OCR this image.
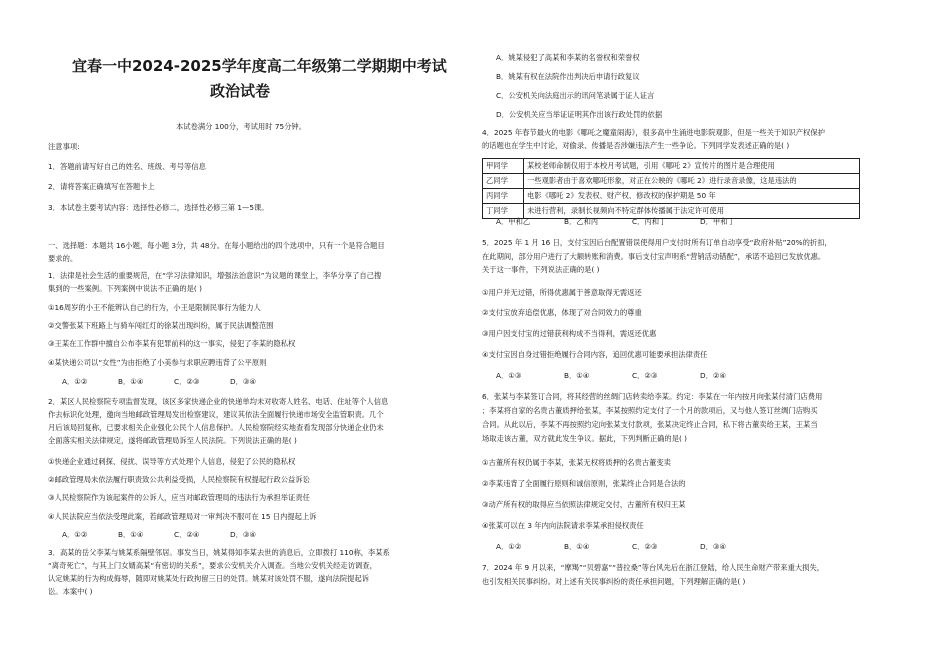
宜春一中2024-2025学年度高二年级第二学期期中考试
政治试卷
本试卷满分 100分，考试用时 75分钟。
注意事项:
1．答题前请写好自己的姓名、班级、考号等信息
2．请将答案正确填写在答题卡上
3．本试卷主要考试内容：选择性必修二，选择性必修三第 1—5课。
一、选择题：本题共 16小题，每小题 3分，共 48分。在每小题给出的四个选项中，只有一个是符合题目
要求的。
1．法律是社会生活的重要规范，在“学习法律知识，增强法治意识”为议题的课堂上，李华分享了自己搜
集到的一些案例。下列案例中说法不正确的是( )
①16周岁的小王不能辨认自己的行为，小王是限制民事行为能力人
②交警张某下班路上与骑车闯红灯的徐某出现纠纷，属于民法调整范围
③王某在工作群中擅自公布李某有犯罪前科的这一事实，侵犯了李某的隐私权
④某快递公司以“女性”为由拒绝了小美参与求职应聘违背了公平原则
A．①②	B．①④	C．②③	D．③④
2．某区人民检察院专项监督发现，该区多家快递企业的快递单均未对收寄人姓名、电话、住址等个人信息
作去标识化处理，邀向当地邮政管理局发出检察建议，建议其依法全面履行快递市场安全监管职责。几个
月后该局回复称，已要求相关企业强化公民个人信息保护。人民检察院经实地查看发现部分快递企业仍未
全面落实相关法律规定，遂将邮政管理局诉至人民法院。下列说法正确的是( )
①快递企业通过刺探、侵扰、误导等方式处理个人信息，侵犯了公民的隐私权
②邮政管理局未依法履行职责致公共利益受损，人民检察院有权提起行政公益诉讼
③人民检察院作为该起案件的公诉人，应当对邮政管理局的违法行为承担举证责任
④人民法院应当依法受理此案，若邮政管理局对一审判决不服可在 15 日内提起上诉
A．①②	B．①④	C．②④	D．③④
3．高某的岳父李某与姚某系隔壁邻居。事发当日，姚某得知李某去世的消息后，立即拨打 110称，李某系
“离奇死亡”，与其上门女婿高某“有密切的关系”，要求公安机关介入调查。当地公安机关经走访调查，
认定姚某的行为构成侮辱，随即对姚某处行政拘留三日的处罚。姚某对该处罚不服，遂向法院提起诉
讼。本案中( )
A．姚某侵犯了高某和李某的名誉权和荣誉权
B．姚某有权在法院作出判决后申请行政复议
C．公安机关向法庭出示的讯问笔录属于证人证言
D．公安机关应当举证证明其作出该行政处罚的依据
4．2025 年春节最火的电影《哪吒之魔童闹海》，很多高中生涌进电影院观影，但是一些关于知识产权保护
的话题也在学生中讨论，对偷录、传播是否涉嫌违法产生一些争论。下列同学发表述正确的是( )
甲同学	某校老师命制仅用于本校月考试题，引用《哪吒 2》宣传片的图片是合理使用
乙同学	一些观影者由于喜欢哪吒形象，对正在公映的《哪吒 2》进行录音录像，这是违法的
丙同学	电影《哪吒 2》发表权、财产权、修改权的保护期是 50 年
丁同学	未进行营利，录制长视频向不特定群体传播属于法定许可使用
A．甲和乙	B．乙和丙	C．丙和丁	D．甲和丁
5．2025 年 1 月 16 日，支付宝因后台配置错误使得用户支付时所有订单自动享受“政府补贴”20%的折扣，
在此期间，部分用户进行了大额转账和消费。事后支付宝声明系“营销活动错配”，承诺不追回已发放优惠。
关于这一事件，下列说法正确的是( )
①用户并无过错，所得优惠属于善意取得无需返还
②支付宝放弃追偿优惠，体现了对合同效力的尊重
③用户因支付宝的过错获利构成不当得利，需返还优惠
④支付宝因自身过错拒绝履行合同内容，追回优惠可能要承担法律责任
A．①③	B．①④	C．②③	D．②④
6．张某与李某签订合同，将其经营的丝绸门店转卖给李某。约定：李某在一年内按月向张某付清门店费用
；李某将自家的名贵古董质押给张某，李某按照约定支付了一个月的款项后，又与他人签订丝绸门店购买
合同。从此以后，李某不再按照约定向张某支付款项，张某决定终止合同，私下将古董卖给王某，王某当
场取走该古董，双方就此发生争议。据此，下列判断正确的是( )
①古董所有权仍属于李某，张某无权将质押的名贵古董变卖
②李某违背了全面履行原则和诚信原则，张某终止合同是合法的
③动产所有权的取得应当依照法律规定交付，古董所有权归王某
④张某可以在 3 年内向法院请求李某承担侵权责任
A．①②	B．①④	C．②③	D．③④
7．2024 年 9 月以来，“摩羯”“贝碧嘉”“普拉桑”等台风先后在浙江登陆，给人民生命财产带来重大损失，
也引发相关民事纠纷。对上述有关民事纠纷的责任承担问题，下列理解正确的是( )
